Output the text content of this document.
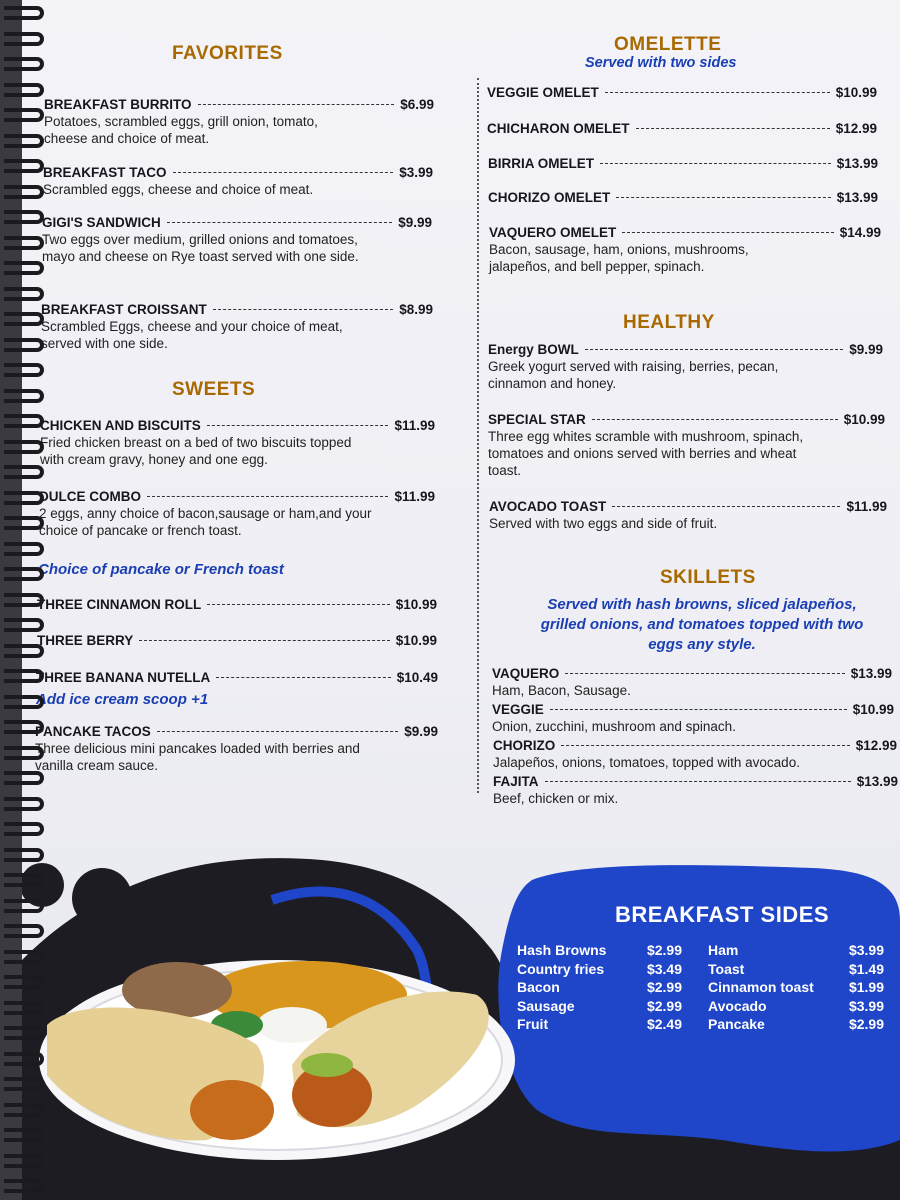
FAVORITES
BREAKFAST BURRITO	$6.99
Potatoes, scrambled eggs, grill onion, tomato, cheese and choice of meat.
BREAKFAST TACO	$3.99
Scrambled eggs, cheese and choice of meat.
GIGI'S SANDWICH	$9.99
Two eggs over medium, grilled onions and tomatoes, mayo and cheese on Rye toast served with one side.
BREAKFAST CROISSANT	$8.99
Scrambled Eggs, cheese and your choice of meat, served with one side.
SWEETS
CHICKEN AND BISCUITS	$11.99
Fried chicken breast on a bed of two biscuits topped with cream gravy, honey and one egg.
DULCE COMBO	$11.99
2 eggs, anny choice of bacon,sausage or ham,and your choice of pancake or french toast.
Choice of pancake or French toast
THREE CINNAMON ROLL	$10.99
THREE BERRY	$10.99
THREE BANANA NUTELLA	$10.49
Add ice cream scoop +1
PANCAKE TACOS	$9.99
Three delicious mini pancakes loaded with berries and vanilla cream sauce.
OMELETTE
Served with two sides
VEGGIE OMELET	$10.99
CHICHARON OMELET	$12.99
BIRRIA OMELET	$13.99
CHORIZO OMELET	$13.99
VAQUERO OMELET	$14.99
Bacon, sausage, ham, onions, mushrooms, jalapeños, and bell pepper, spinach.
HEALTHY
Energy BOWL	$9.99
Greek yogurt served with raising, berries, pecan, cinnamon and honey.
SPECIAL STAR	$10.99
Three egg whites scramble with mushroom, spinach, tomatoes and onions served with berries and wheat toast.
AVOCADO TOAST	$11.99
Served with two eggs and side of fruit.
SKILLETS
Served with hash browns, sliced jalapeños, grilled onions, and tomatoes topped with two eggs any style.
VAQUERO	$13.99
Ham, Bacon, Sausage.
VEGGIE	$10.99
Onion, zucchini, mushroom and spinach.
CHORIZO	$12.99
Jalapeños, onions, tomatoes, topped with avocado.
FAJITA	$13.99
Beef, chicken or mix.
BREAKFAST SIDES
Hash Browns	$2.99
Country fries	$3.49
Bacon	$2.99
Sausage	$2.99
Fruit	$2.49
Ham	$3.99
Toast	$1.49
Cinnamon toast	$1.99
Avocado	$3.99
Pancake	$2.99
